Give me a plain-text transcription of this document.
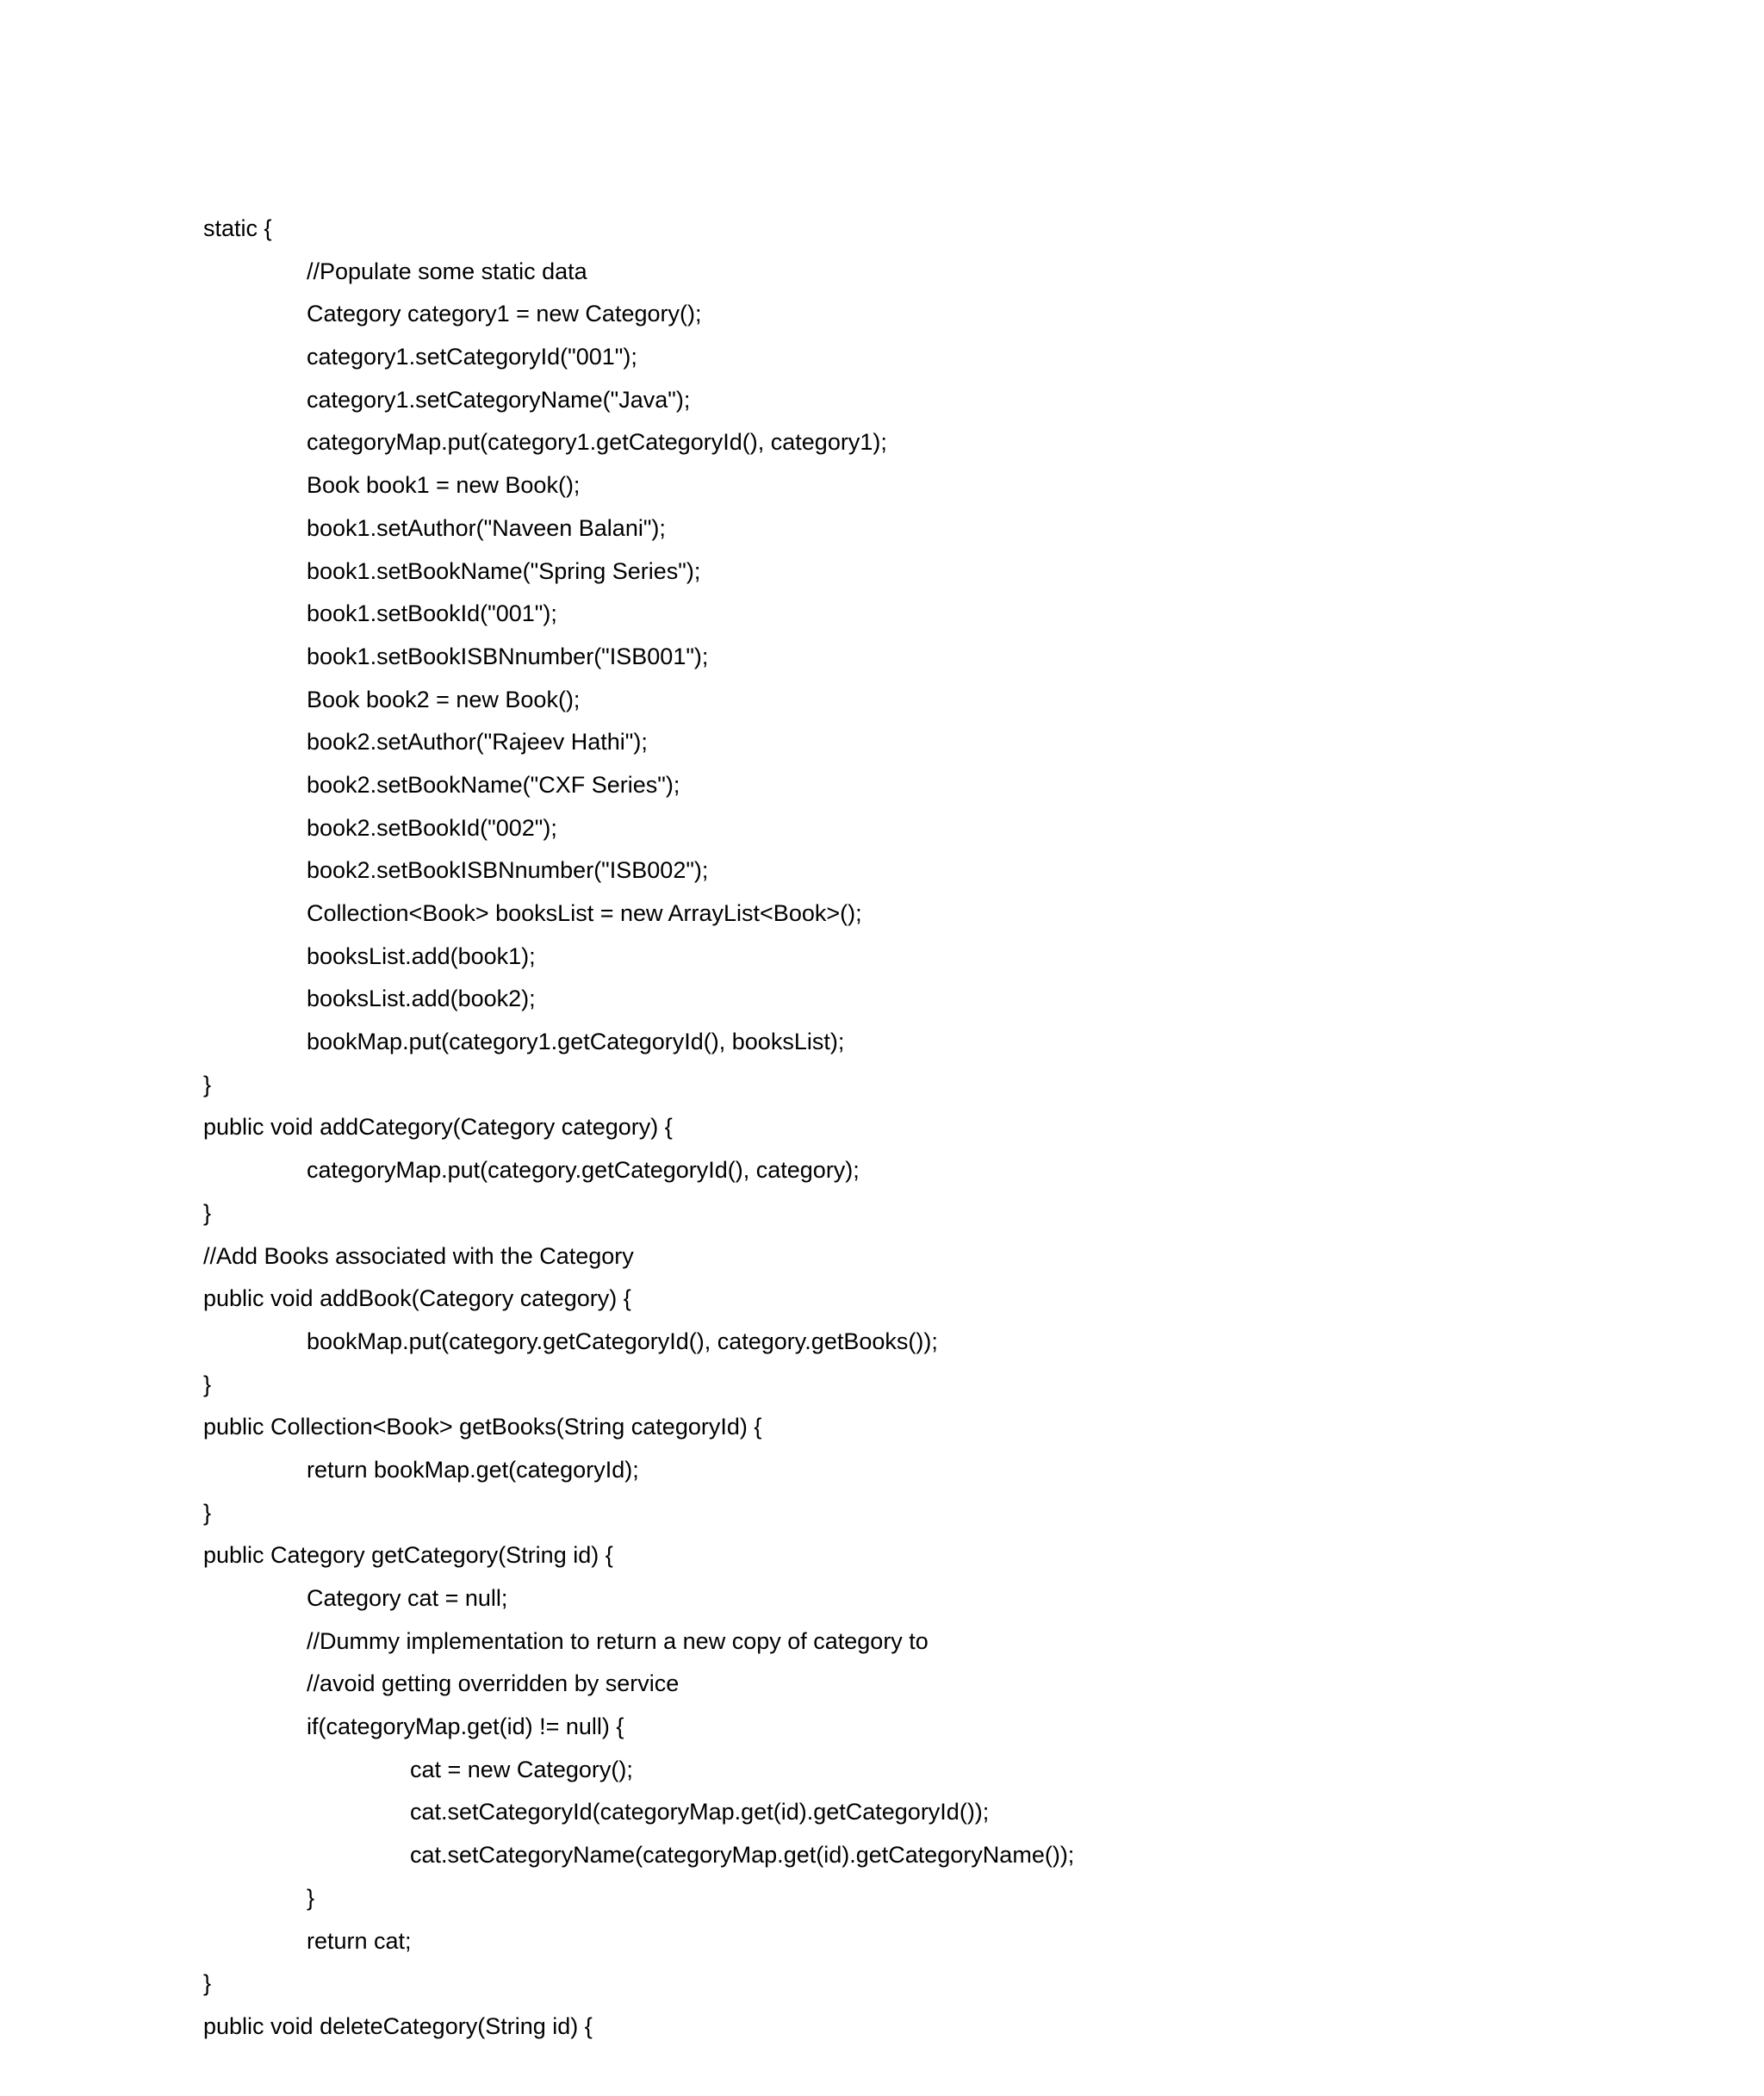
static {
//Populate some static data
Category category1 = new Category();
category1.setCategoryId("001");
category1.setCategoryName("Java");
categoryMap.put(category1.getCategoryId(), category1);
Book book1 = new Book();
book1.setAuthor("Naveen Balani");
book1.setBookName("Spring Series");
book1.setBookId("001");
book1.setBookISBNnumber("ISB001");
Book book2 = new Book();
book2.setAuthor("Rajeev Hathi");
book2.setBookName("CXF Series");
book2.setBookId("002");
book2.setBookISBNnumber("ISB002");
Collection<Book> booksList = new ArrayList<Book>();
booksList.add(book1);
booksList.add(book2);
bookMap.put(category1.getCategoryId(), booksList);
}
public void addCategory(Category category) {
categoryMap.put(category.getCategoryId(), category);
}
//Add Books associated with the Category
public void addBook(Category category) {
bookMap.put(category.getCategoryId(), category.getBooks());
}
public Collection<Book> getBooks(String categoryId) {
return bookMap.get(categoryId);
}
public Category getCategory(String id) {
Category cat = null;
//Dummy implementation to return a new copy of category to
//avoid getting overridden by service
if(categoryMap.get(id) != null) {
cat = new Category();
cat.setCategoryId(categoryMap.get(id).getCategoryId());
cat.setCategoryName(categoryMap.get(id).getCategoryName());
}
return cat;
}
public void deleteCategory(String id) {
